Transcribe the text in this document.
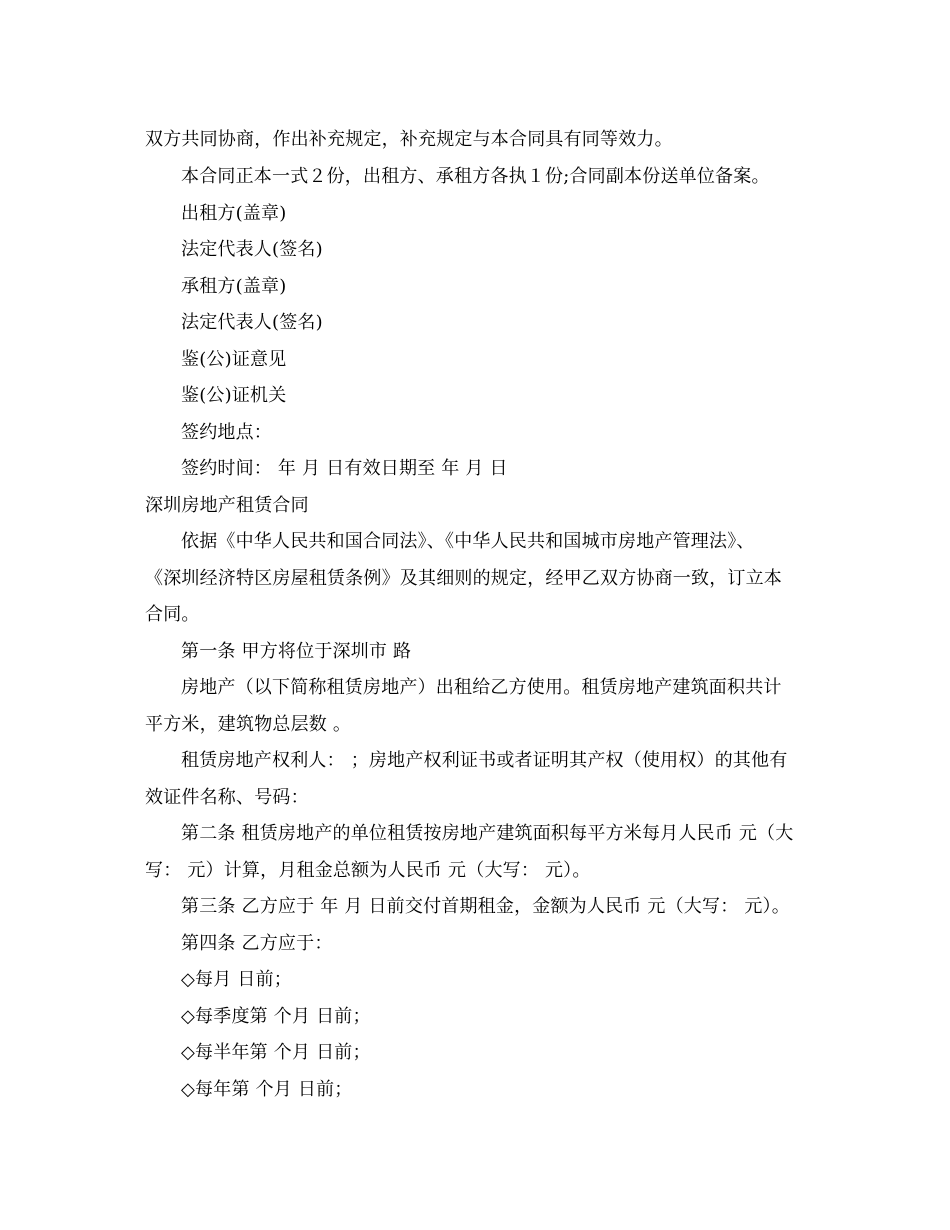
双方共同协商，作出补充规定，补充规定与本合同具有同等效力。
本合同正本一式２份，出租方、承租方各执１份;合同副本份送单位备案。
出租方(盖章)
法定代表人(签名)
承租方(盖章)
法定代表人(签名)
鉴(公)证意见
鉴(公)证机关
签约地点：
签约时间： 年 月 日有效日期至 年 月 日
深圳房地产租赁合同
依据《中华人民共和国合同法》、《中华人民共和国城市房地产管理法》、
《深圳经济特区房屋租赁条例》及其细则的规定，经甲乙双方协商一致，订立本
合同。
第一条 甲方将位于深圳市 路
房地产（以下简称租赁房地产）出租给乙方使用。租赁房地产建筑面积共计
平方米，建筑物总层数 。
租赁房地产权利人： ；房地产权利证书或者证明其产权（使用权）的其他有
效证件名称、号码：
第二条 租赁房地产的单位租赁按房地产建筑面积每平方米每月人民币 元（大
写： 元）计算，月租金总额为人民币 元（大写： 元）。
第三条 乙方应于 年 月 日前交付首期租金，金额为人民币 元（大写： 元）。
第四条 乙方应于：
◇每月 日前；
◇每季度第 个月 日前；
◇每半年第 个月 日前；
◇每年第 个月 日前；
